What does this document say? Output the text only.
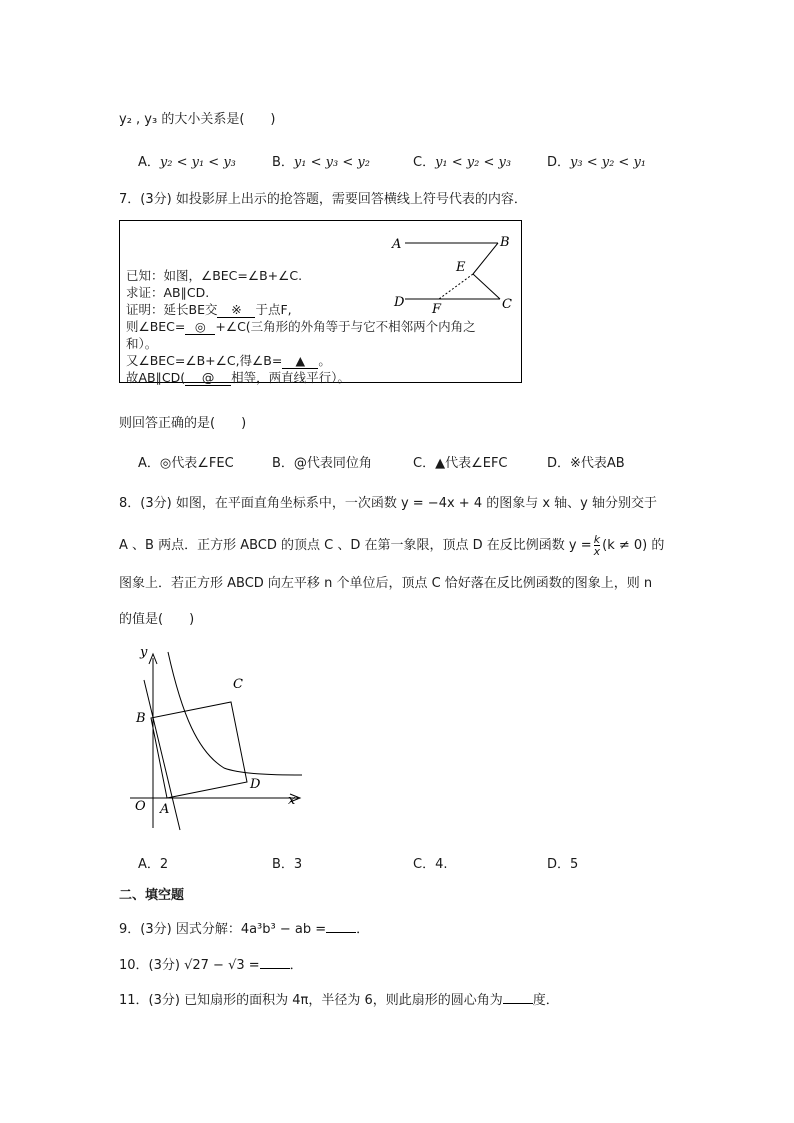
y₂ , y₃ 的大小关系是(　　)
A．y₂ < y₁ < y₃	B．y₁ < y₃ < y₂	C．y₁ < y₂ < y₃	D．y₃ < y₂ < y₁
7．(3分) 如投影屏上出示的抢答题，需要回答横线上符号代表的内容．
已知：如图，∠BEC=∠B+∠C.
求证：AB∥CD.
证明：延长BE交 ※ 于点F,
则∠BEC= ◎ +∠C(三角形的外角等于与它不相邻两个内角之
和）。
又∠BEC=∠B+∠C,得∠B= ▲ 。
故AB∥CD( @ 相等，两直线平行）。
A	B
E
D F	C
则回答正确的是(　　)
A．◎代表∠FEC	B．@代表同位角	C．▲代表∠EFC	D．※代表AB
8．(3分) 如图，在平面直角坐标系中，一次函数 y = −4x + 4 的图象与 x 轴、y 轴分别交于
A 、B 两点．正方形 ABCD 的顶点 C 、D 在第一象限，顶点 D 在反比例函数 $y = \frac{k}{x} (k \ne 0)$ 的
图象上．若正方形 ABCD 向左平移 n 个单位后，顶点 C 恰好落在反比例函数的图象上，则 n
的值是(　　)
y
x
O A
B
C
D
A．2	B．3	C．4.	D．5
二、填空题
9．(3分) 因式分解：4a³b³ − ab = ．
10．(3分) √27 − √3 = ．
11．(3分) 已知扇形的面积为 4π，半径为 6，则此扇形的圆心角为 度．
